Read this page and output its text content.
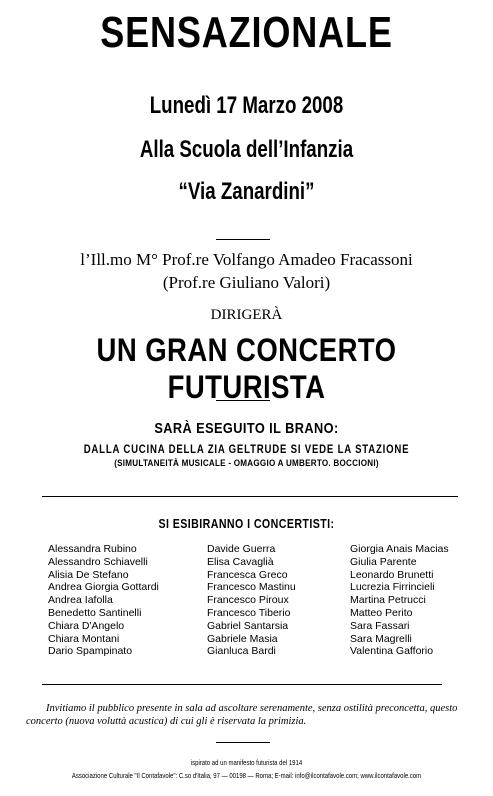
SENSAZIONALE
Lunedì 17 Marzo 2008
Alla Scuola dell’Infanzia
“Via Zanardini”
l’Ill.mo M° Prof.re Volfango Amadeo Fracassoni
(Prof.re Giuliano Valori)
DIRIGERÀ
UN GRAN CONCERTO FUTURISTA
SARÀ ESEGUITO IL BRANO:
DALLA CUCINA DELLA ZIA GELTRUDE SI VEDE LA STAZIONE
(SIMULTANEITÀ MUSICALE - OMAGGIO A UMBERTO. BOCCIONI)
SI ESIBIRANNO I CONCERTISTI:
Alessandra Rubino
Alessandro Schiavelli
Alisia De Stefano
Andrea Giorgia Gottardi
Andrea Iafolla
Benedetto Santinelli
Chiara D'Angelo
Chiara Montani
Dario Spampinato
Davide Guerra
Elisa Cavaglià
Francesca Greco
Francesco Mastinu
Francesco Piroux
Francesco Tiberio
Gabriel Santarsia
Gabriele Masia
Gianluca Bardi
Giorgia Anais Macias
Giulia Parente
Leonardo Brunetti
Lucrezia Firrincieli
Martina Petrucci
Matteo Perito
Sara Fassari
Sara Magrelli
Valentina Gafforio
Invitiamo il pubblico presente in sala ad ascoltare serenamente, senza ostilità preconcetta, questo concerto (nuova voluttà acustica) di cui gli è riservata la primizia.
ispirato ad un manifesto futurista del 1914
Associazione Culturale "Il Contafavole": C.so d'Italia, 97 — 00198 — Roma; E-mail: info@ilcontafavole.com; www.ilcontafavole.com
